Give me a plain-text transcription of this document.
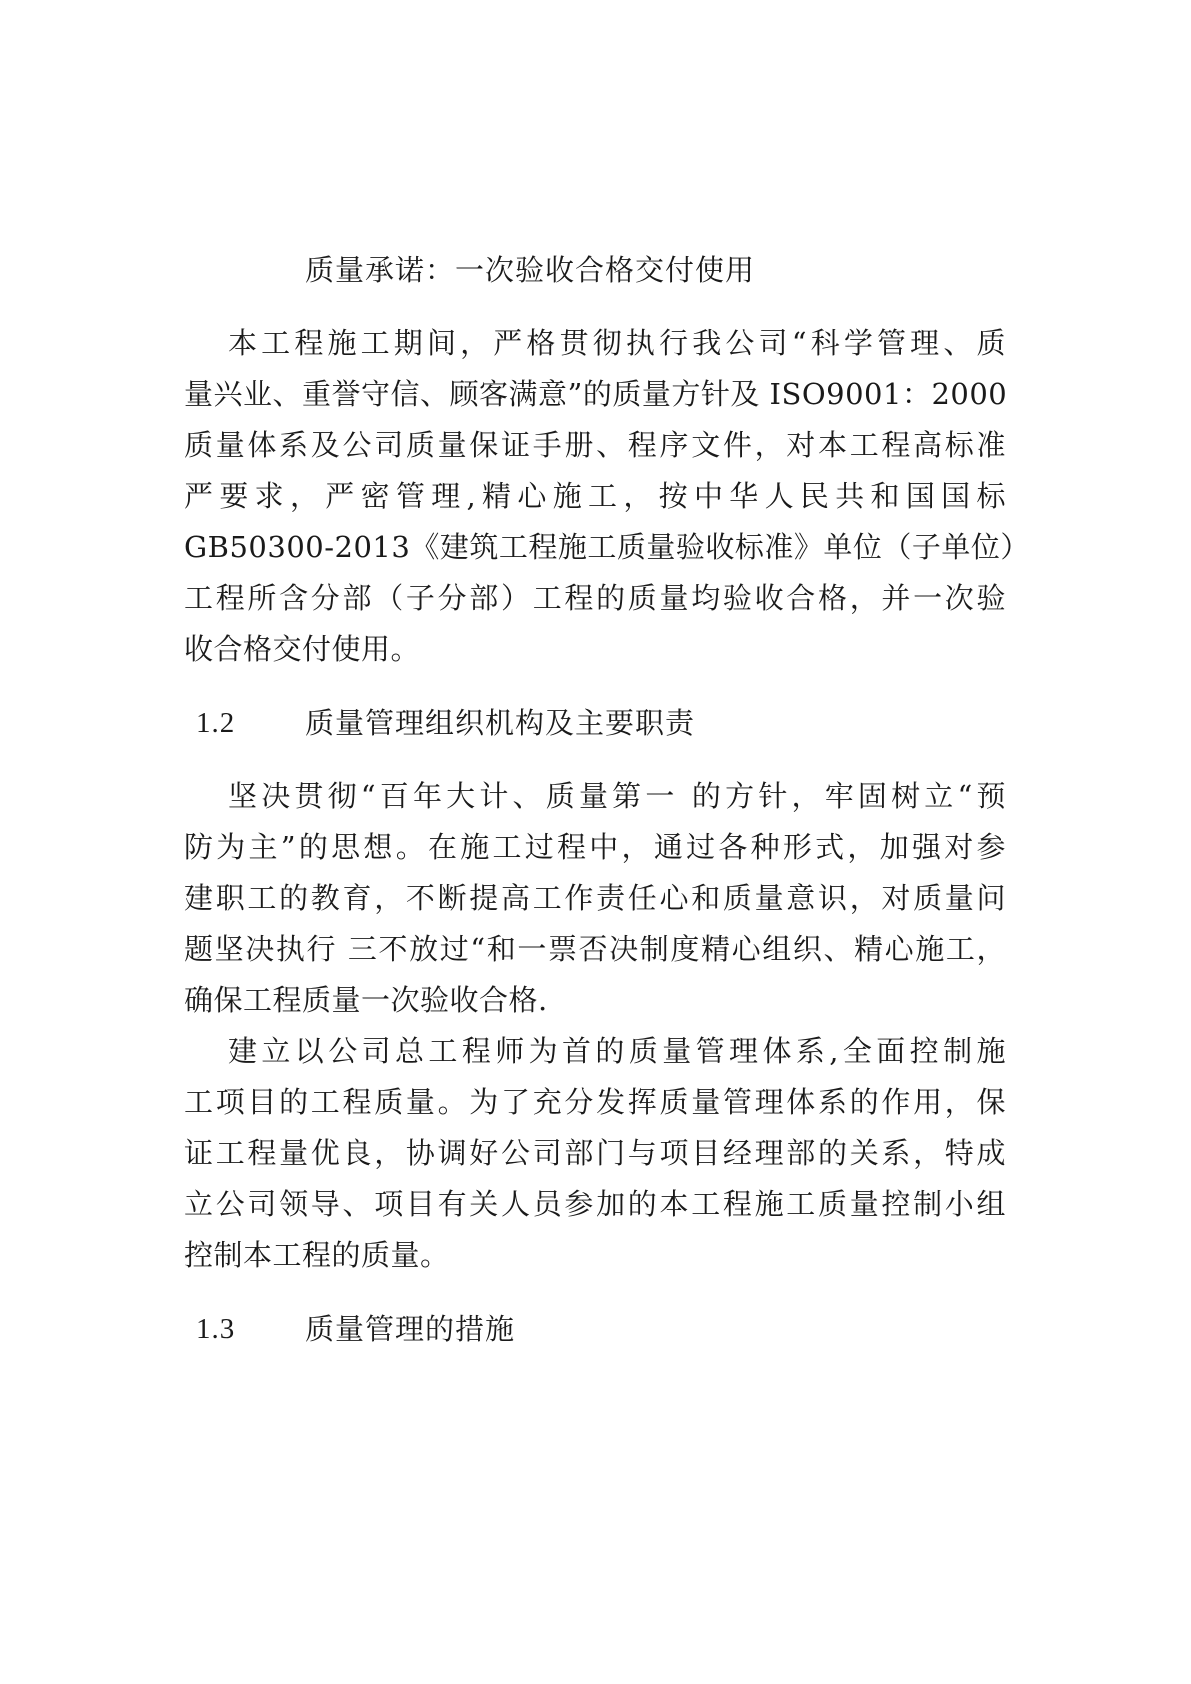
质量承诺：一次验收合格交付使用
本工程施工期间，严格贯彻执行我公司“科学管理、质
量兴业、重誉守信、顾客满意”的质量方针及 ISO9001：2000
质量体系及公司质量保证手册、程序文件，对本工程高标准
严要求，严密管理,精心施工，按中华人民共和国国标
GB50300-2013《建筑工程施工质量验收标准》单位（子单位）
工程所含分部（子分部）工程的质量均验收合格，并一次验
收合格交付使用。
1.2 质量管理组织机构及主要职责
坚决贯彻“百年大计、质量第一 的方针，牢固树立“预
防为主”的思想。在施工过程中，通过各种形式，加强对参
建职工的教育，不断提高工作责任心和质量意识，对质量问
题坚决执行 三不放过“和一票否决制度精心组织、精心施工，
确保工程质量一次验收合格.
建立以公司总工程师为首的质量管理体系,全面控制施
工项目的工程质量。为了充分发挥质量管理体系的作用，保
证工程量优良，协调好公司部门与项目经理部的关系，特成
立公司领导、项目有关人员参加的本工程施工质量控制小组
控制本工程的质量。
1.3 质量管理的措施
